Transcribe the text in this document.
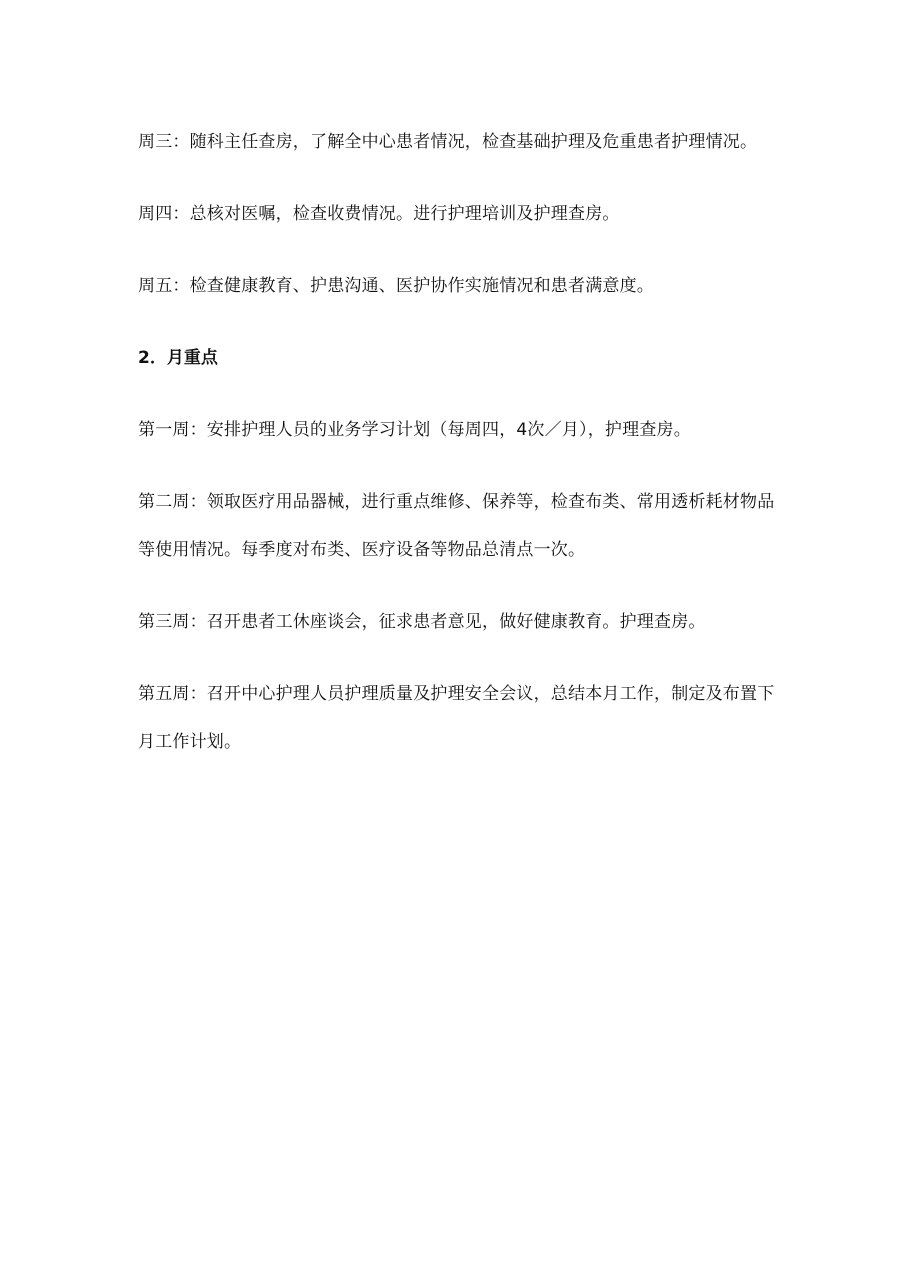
周三：随科主任查房，了解全中心患者情况，检查基础护理及危重患者护理情况。

周四：总核对医嘱，检查收费情况。进行护理培训及护理查房。

周五：检查健康教育、护患沟通、医护协作实施情况和患者满意度。

2．月重点

第一周：安排护理人员的业务学习计划（每周四，4次／月），护理查房。

第二周：领取医疗用品器械，进行重点维修、保养等，检查布类、常用透析耗材物品等使用情况。每季度对布类、医疗设备等物品总清点一次。

第三周：召开患者工休座谈会，征求患者意见，做好健康教育。护理查房。

第五周：召开中心护理人员护理质量及护理安全会议，总结本月工作，制定及布置下月工作计划。
